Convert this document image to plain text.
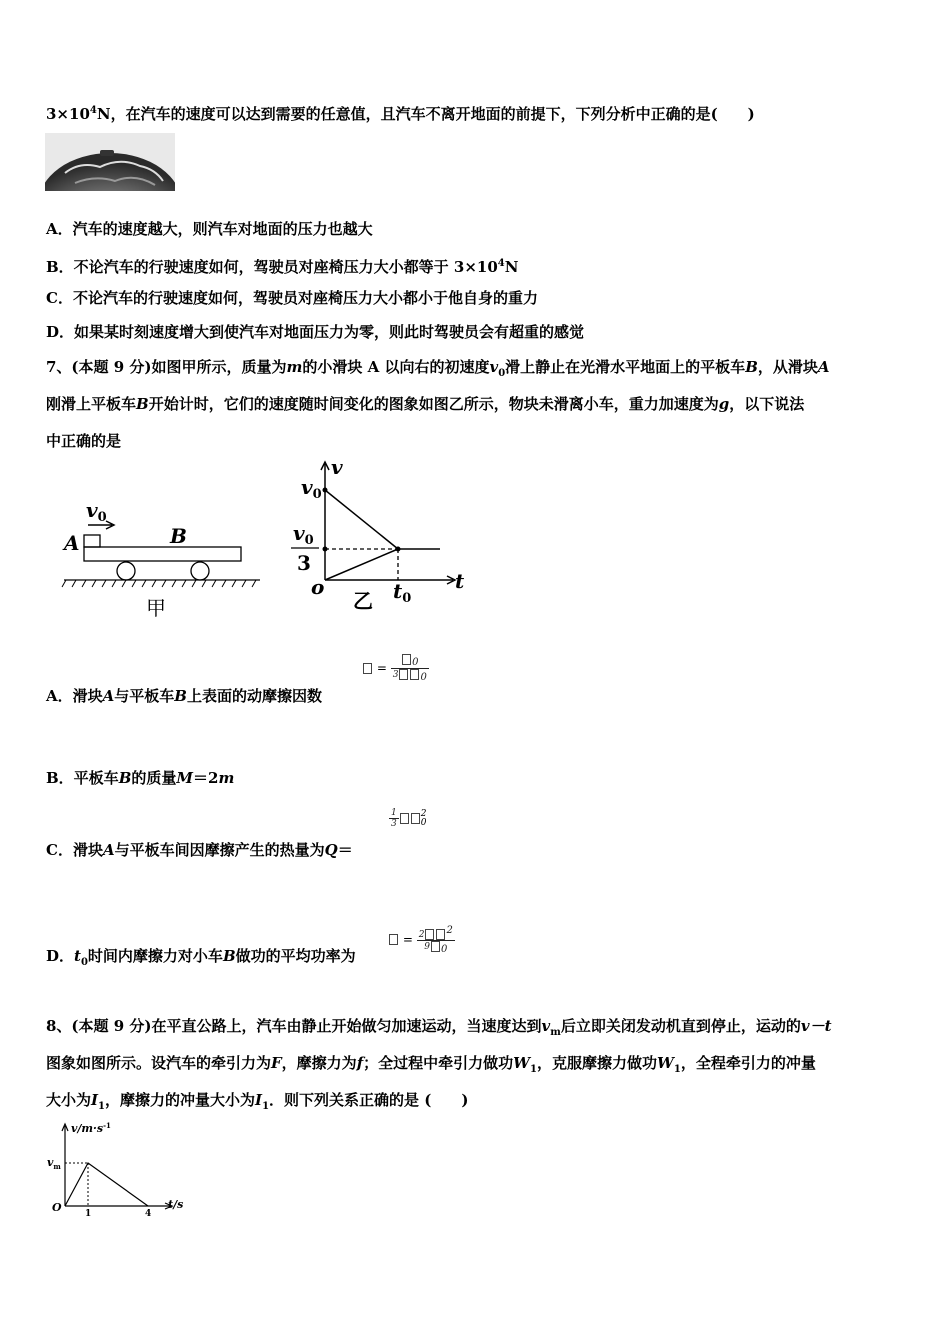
$3\times 10^4N$，在汽车的速度可以达到需要的任意值，且汽车不离开地面的前提下，下列分析中正确的是(　　)
A．汽车的速度越大，则汽车对地面的压力也越大
B．不论汽车的行驶速度如何，驾驶员对座椅压力大小都等于 $3\times 10^4N$
C．不论汽车的行驶速度如何，驾驶员对座椅压力大小都小于他自身的重力
D．如果某时刻速度增大到使汽车对地面压力为零，则此时驾驶员会有超重的感觉
7、(本题 9 分)如图甲所示，质量为m的小滑块 A 以向右的初速度$v_0$滑上静止在光滑水平地面上的平板车B，从滑块A
刚滑上平板车B开始计时，它们的速度随时间变化的图象如图乙所示，物块未滑离小车，重力加速度为g，以下说法
中正确的是
$v_0$
A	B
甲
v
$v_0$
$v_0$
3
o	$t_0$
t
乙
= $\frac{_0}{3 _0}$
A．滑块A与平板车B上表面的动摩擦因数
B．平板车B的质量M＝2m
$\frac{1}{3} 2$
0
C．滑块A与平板车间因摩擦产生的热量为Q＝
= $\frac{2 ^2}{9 _0}$
D．$t_0$时间内摩擦力对小车B做功的平均功率为
8、(本题 9 分)在平直公路上，汽车由静止开始做匀加速运动，当速度达到$v_m$后立即关闭发动机直到停止，运动的v－t
图象如图所示。设汽车的牵引力为F，摩擦力为f；全过程中牵引力做功$W_1$，克服摩擦力做功$W_1$，全程牵引力的冲量
大小为$I_1$，摩擦力的冲量大小为$I_1$．则下列关系正确的是 (　　)
$v/m\cdot s^{-1}$
$v_m$
O	1	4
t/s
